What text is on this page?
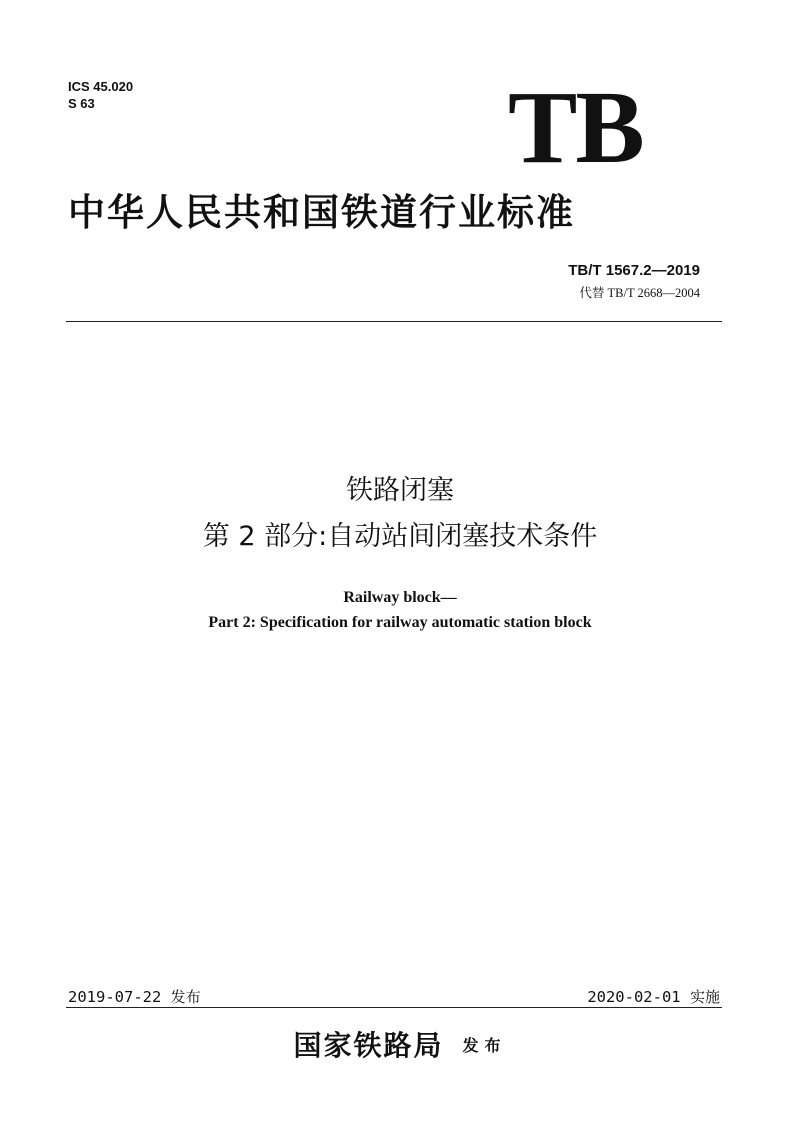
ICS 45.020
S 63	TB
中华人民共和国铁道行业标准
TB/T 1567.2—2019
代替 TB/T 2668—2004
铁路闭塞
第 2 部分:自动站间闭塞技术条件
Railway block—
Part 2: Specification for railway automatic station block
2019-07-22 发布	2020-02-01 实施
国家铁路局 发布
